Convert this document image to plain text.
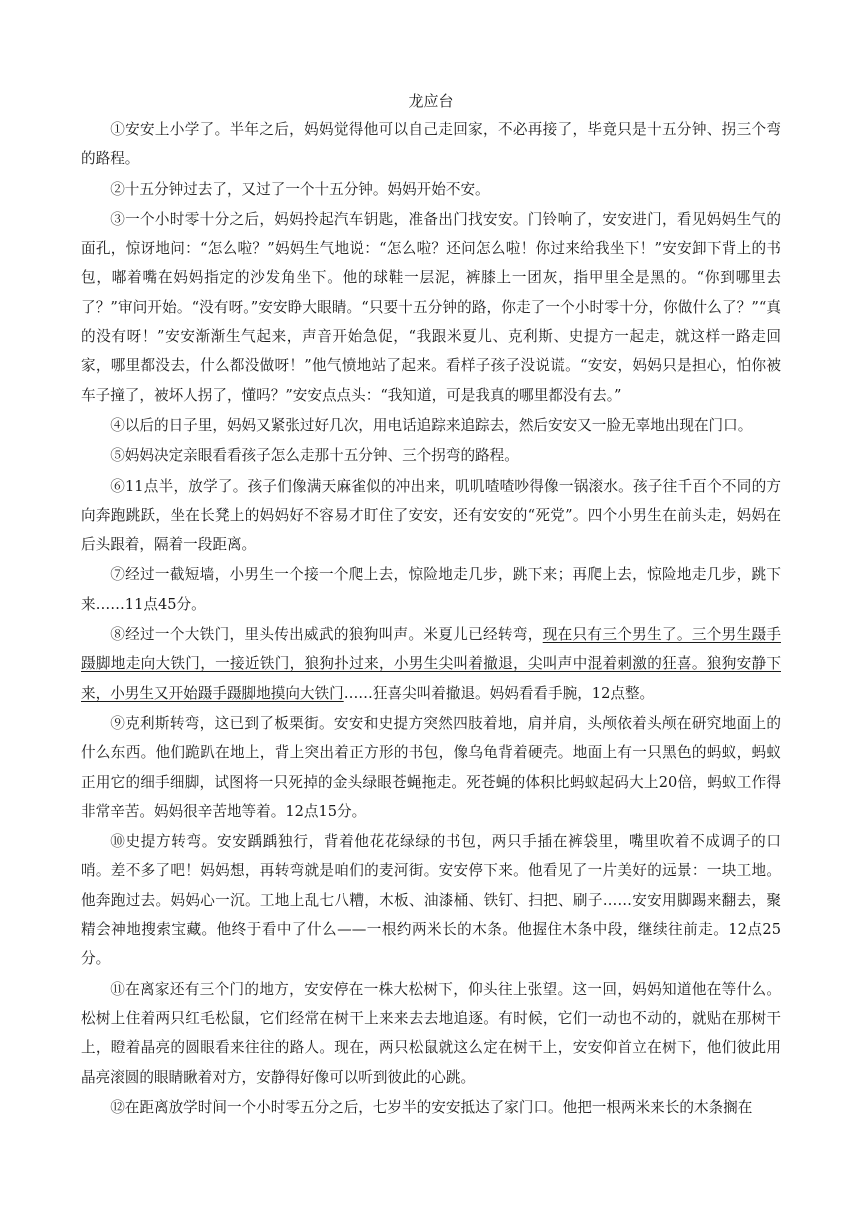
龙应台

①安安上小学了。半年之后，妈妈觉得他可以自己走回家，不必再接了，毕竟只是十五分钟、拐三个弯的路程。

②十五分钟过去了，又过了一个十五分钟。妈妈开始不安。

③一个小时零十分之后，妈妈拎起汽车钥匙，准备出门找安安。门铃响了，安安进门，看见妈妈生气的面孔，惊讶地问：“怎么啦？”妈妈生气地说：“怎么啦？还问怎么啦！你过来给我坐下！”安安卸下背上的书包，嘟着嘴在妈妈指定的沙发角坐下。他的球鞋一层泥，裤膝上一团灰，指甲里全是黑的。“你到哪里去了？”审问开始。“没有呀。”安安睁大眼睛。“只要十五分钟的路，你走了一个小时零十分，你做什么了？”“真的没有呀！”安安渐渐生气起来，声音开始急促，“我跟米夏儿、克利斯、史提方一起走，就这样一路走回家，哪里都没去，什么都没做呀！”他气愤地站了起来。看样子孩子没说谎。“安安，妈妈只是担心，怕你被车子撞了，被坏人拐了，懂吗？”安安点点头：“我知道，可是我真的哪里都没有去。”

④以后的日子里，妈妈又紧张过好几次，用电话追踪来追踪去，然后安安又一脸无辜地出现在门口。

⑤妈妈决定亲眼看看孩子怎么走那十五分钟、三个拐弯的路程。

⑥11点半，放学了。孩子们像满天麻雀似的冲出来，叽叽喳喳吵得像一锅滚水。孩子往千百个不同的方向奔跑跳跃，坐在长凳上的妈妈好不容易才盯住了安安，还有安安的“死党”。四个小男生在前头走，妈妈在后头跟着，隔着一段距离。

⑦经过一截短墙，小男生一个接一个爬上去，惊险地走几步，跳下来；再爬上去，惊险地走几步，跳下来……11点45分。

⑧经过一个大铁门，里头传出威武的狼狗叫声。米夏儿已经转弯，现在只有三个男生了。三个男生蹑手蹑脚地走向大铁门，一接近铁门，狼狗扑过来，小男生尖叫着撤退，尖叫声中混着刺激的狂喜。狼狗安静下来，小男生又开始蹑手蹑脚地摸向大铁门……狂喜尖叫着撤退。妈妈看看手腕，12点整。

⑨克利斯转弯，这已到了板栗街。安安和史提方突然四肢着地，肩并肩，头颅依着头颅在研究地面上的什么东西。他们跪趴在地上，背上突出着正方形的书包，像乌龟背着硬壳。地面上有一只黑色的蚂蚁，蚂蚁正用它的细手细脚，试图将一只死掉的金头绿眼苍蝇拖走。死苍蝇的体积比蚂蚁起码大上20倍，蚂蚁工作得非常辛苦。妈妈很辛苦地等着。12点15分。

⑩史提方转弯。安安踽踽独行，背着他花花绿绿的书包，两只手插在裤袋里，嘴里吹着不成调子的口哨。差不多了吧！妈妈想，再转弯就是咱们的麦河街。安安停下来。他看见了一片美好的远景：一块工地。他奔跑过去。妈妈心一沉。工地上乱七八糟，木板、油漆桶、铁钉、扫把、刷子……安安用脚踢来翻去，聚精会神地搜索宝藏。他终于看中了什么——一根约两米长的木条。他握住木条中段，继续往前走。12点25分。

⑪在离家还有三个门的地方，安安停在一株大松树下，仰头往上张望。这一回，妈妈知道他在等什么。松树上住着两只红毛松鼠，它们经常在树干上来来去去地追逐。有时候，它们一动也不动的，就贴在那树干上，瞪着晶亮的圆眼看来往往的路人。现在，两只松鼠就这么定在树干上，安安仰首立在树下，他们彼此用晶亮滚圆的眼睛瞅着对方，安静得好像可以听到彼此的心跳。

⑫在距离放学时间一个小时零五分之后，七岁半的安安抵达了家门口。他把一根两米来长的木条搁在
